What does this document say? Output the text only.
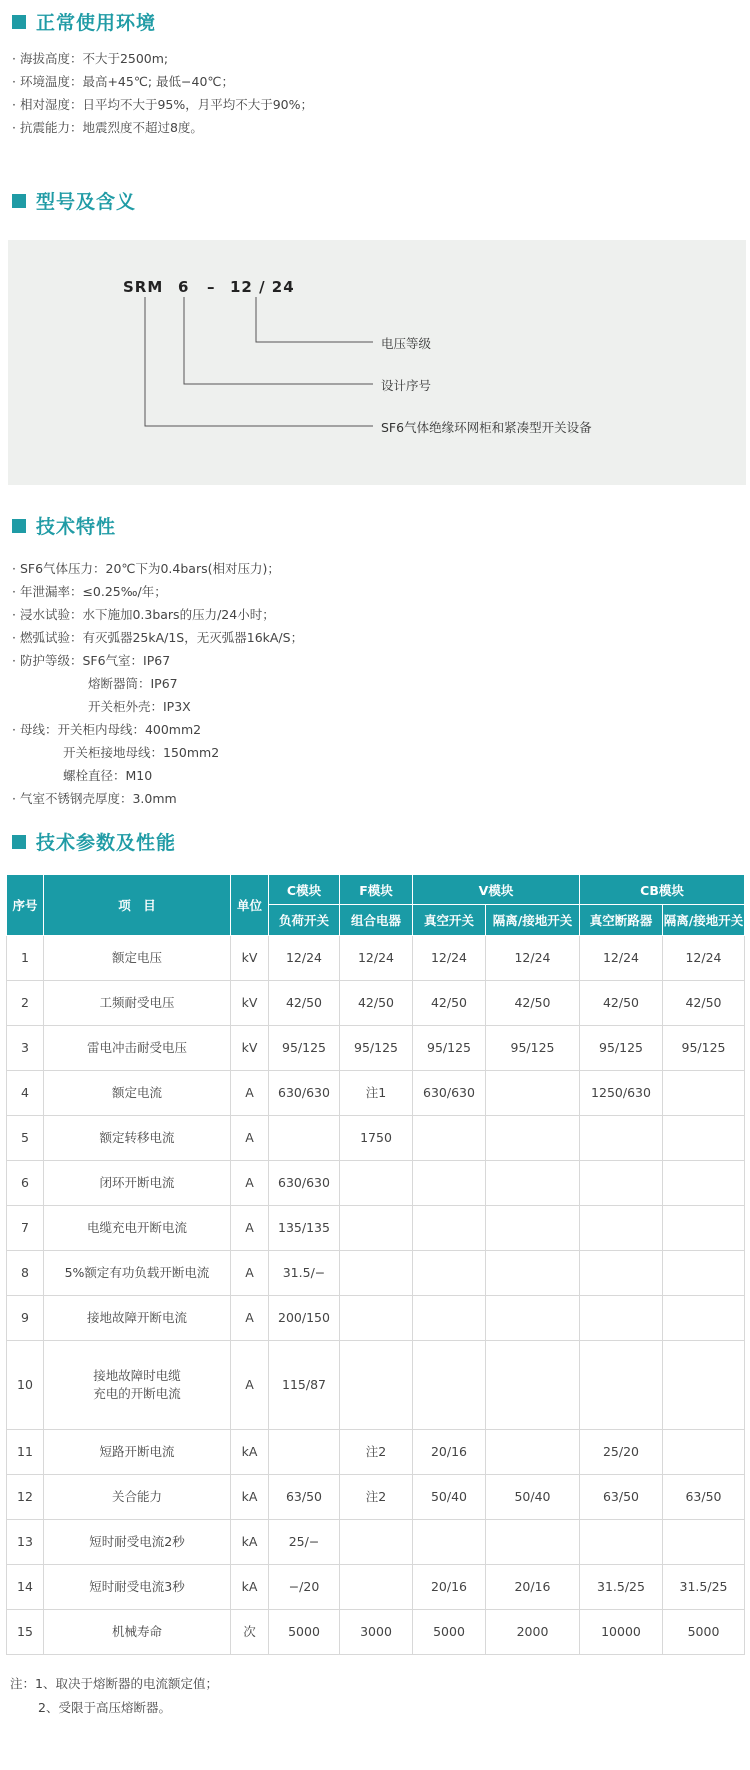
正常使用环境
· 海拔高度：不大于2500m;
· 环境温度：最高+45℃; 最低−40℃；
· 相对湿度：日平均不大于95%，月平均不大于90%；
· 抗震能力：地震烈度不超过8度。
型号及含义
SRM 6 – 12 / 24
电压等级
设计序号
SF6气体绝缘环网柜和紧凑型开关设备
技术特性
· SF6气体压力：20℃下为0.4bars(相对压力)；
· 年泄漏率：≤0.25‰/年；
· 浸水试验：水下施加0.3bars的压力/24小时；
· 燃弧试验：有灭弧器25kA/1S，无灭弧器16kA/S；
· 防护等级：SF6气室：IP67
熔断器筒：IP67
开关柜外壳：IP3X
· 母线：开关柜内母线：400mm2
开关柜接地母线：150mm2
螺栓直径：M10
· 气室不锈钢壳厚度：3.0mm
技术参数及性能
序号	项　目	单位	C模块	F模块	V模块		CB模块	
			负荷开关	组合电器	真空开关	隔离/接地开关	真空断路器	隔离/接地开关
1	额定电压	kV	12/24	12/24	12/24	12/24	12/24	12/24
2	工频耐受电压	kV	42/50	42/50	42/50	42/50	42/50	42/50
3	雷电冲击耐受电压	kV	95/125	95/125	95/125	95/125	95/125	95/125
4	额定电流	A	630/630	注1	630/630		1250/630	
5	额定转移电流	A		1750				
6	闭环开断电流	A	630/630					
7	电缆充电开断电流	A	135/135					
8	5%额定有功负载开断电流	A	31.5/−					
9	接地故障开断电流	A	200/150					
10	接地故障时电缆
充电的开断电流	A	115/87					
11	短路开断电流	kA		注2	20/16		25/20	
12	关合能力	kA	63/50	注2	50/40	50/40	63/50	63/50
13	短时耐受电流2秒	kA	25/−					
14	短时耐受电流3秒	kA	−/20		20/16	20/16	31.5/25	31.5/25
15	机械寿命	次	5000	3000	5000	2000	10000	5000
注：1、取决于熔断器的电流额定值；
2、受限于高压熔断器。
